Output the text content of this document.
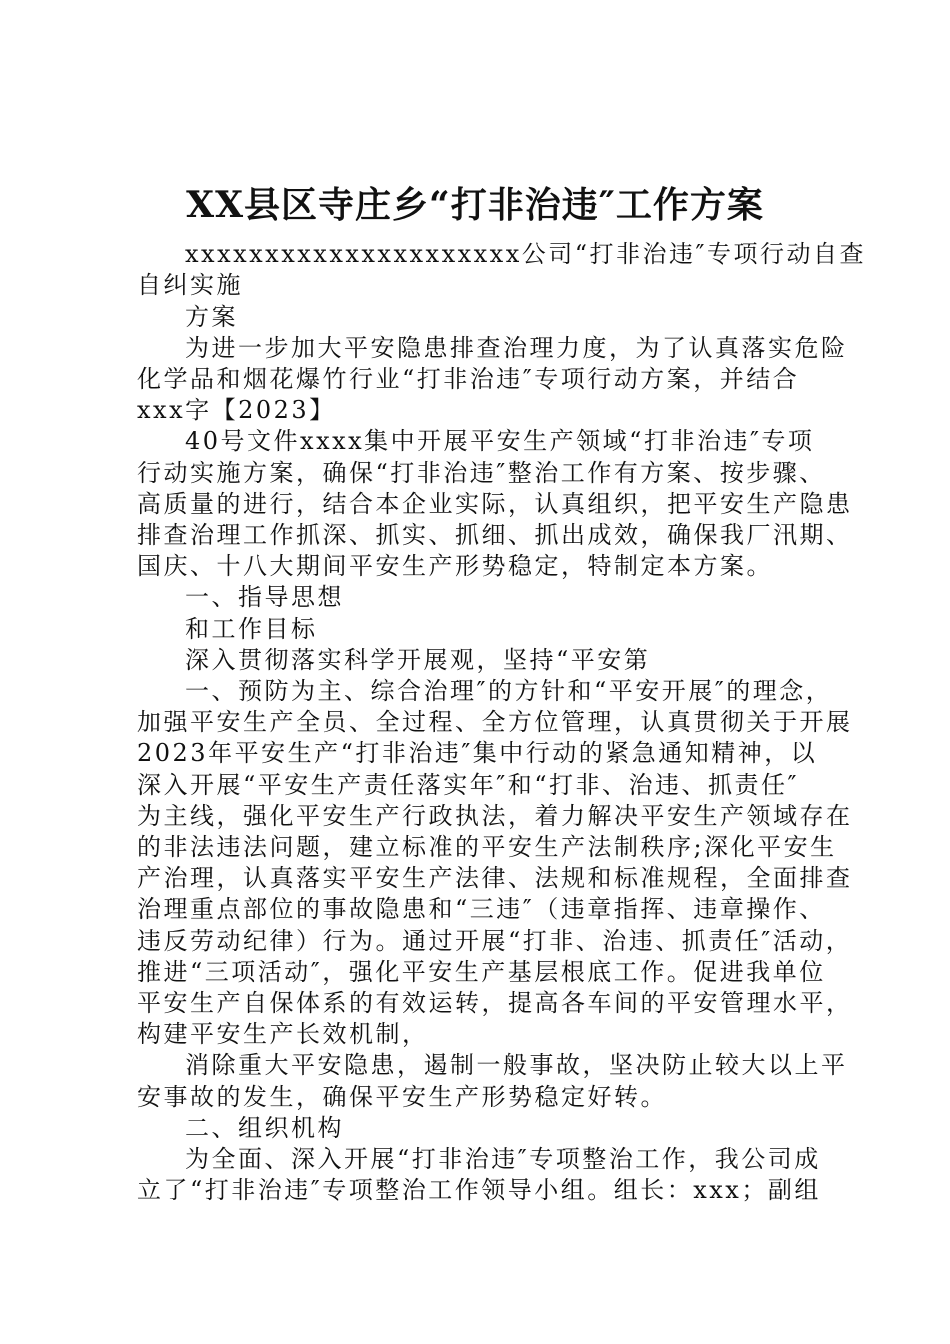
XX县区寺庄乡“打非治违″工作方案
xxxxxxxxxxxxxxxxxxxxx公司“打非治违″专项行动自查
自纠实施
方案
为进一步加大平安隐患排查治理力度，为了认真落实危险
化学品和烟花爆竹行业“打非治违″专项行动方案，并结合
xxx字【2023】
40号文件xxxx集中开展平安生产领域“打非治违″专项
行动实施方案，确保“打非治违″整治工作有方案、按步骤、
高质量的进行，结合本企业实际，认真组织，把平安生产隐患
排查治理工作抓深、抓实、抓细、抓出成效，确保我厂汛期、
国庆、十八大期间平安生产形势稳定，特制定本方案。
一、指导思想
和工作目标
深入贯彻落实科学开展观，坚持“平安第
一、预防为主、综合治理″的方针和“平安开展″的理念，
加强平安生产全员、全过程、全方位管理，认真贯彻关于开展
2023年平安生产“打非治违″集中行动的紧急通知精神，以
深入开展“平安生产责任落实年″和“打非、治违、抓责任″
为主线，强化平安生产行政执法，着力解决平安生产领域存在
的非法违法问题，建立标准的平安生产法制秩序;深化平安生
产治理，认真落实平安生产法律、法规和标准规程，全面排查
治理重点部位的事故隐患和“三违″（违章指挥、违章操作、
违反劳动纪律）行为。通过开展“打非、治违、抓责任″活动，
推进“三项活动″，强化平安生产基层根底工作。促进我单位
平安生产自保体系的有效运转，提高各车间的平安管理水平，
构建平安生产长效机制，
消除重大平安隐患，遏制一般事故，坚决防止较大以上平
安事故的发生，确保平安生产形势稳定好转。
二、组织机构
为全面、深入开展“打非治违″专项整治工作，我公司成
立了“打非治违″专项整治工作领导小组。组长：xxx；副组
